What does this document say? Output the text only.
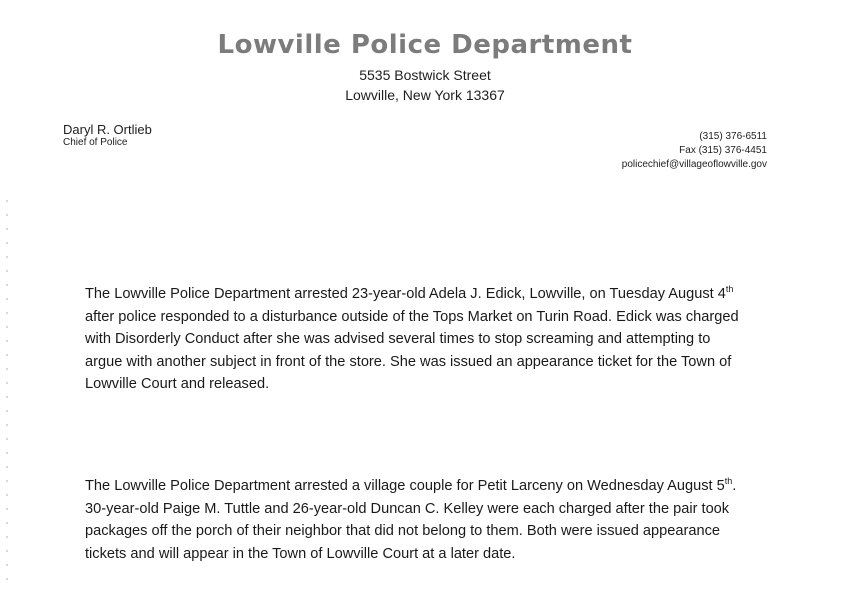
Lowville Police Department
5535 Bostwick Street
Lowville, New York 13367
Daryl R. Ortlieb
Chief of Police
(315) 376-6511
Fax (315) 376-4451
policechief@villageoflowville.gov
The Lowville Police Department arrested 23-year-old Adela J. Edick, Lowville, on Tuesday August 4th
after police responded to a disturbance outside of the Tops Market on Turin Road. Edick was charged
with Disorderly Conduct after she was advised several times to stop screaming and attempting to
argue with another subject in front of the store. She was issued an appearance ticket for the Town of
Lowville Court and released.
The Lowville Police Department arrested a village couple for Petit Larceny on Wednesday August 5th.
30-year-old Paige M. Tuttle and 26-year-old Duncan C. Kelley were each charged after the pair took
packages off the porch of their neighbor that did not belong to them. Both were issued appearance
tickets and will appear in the Town of Lowville Court at a later date.
